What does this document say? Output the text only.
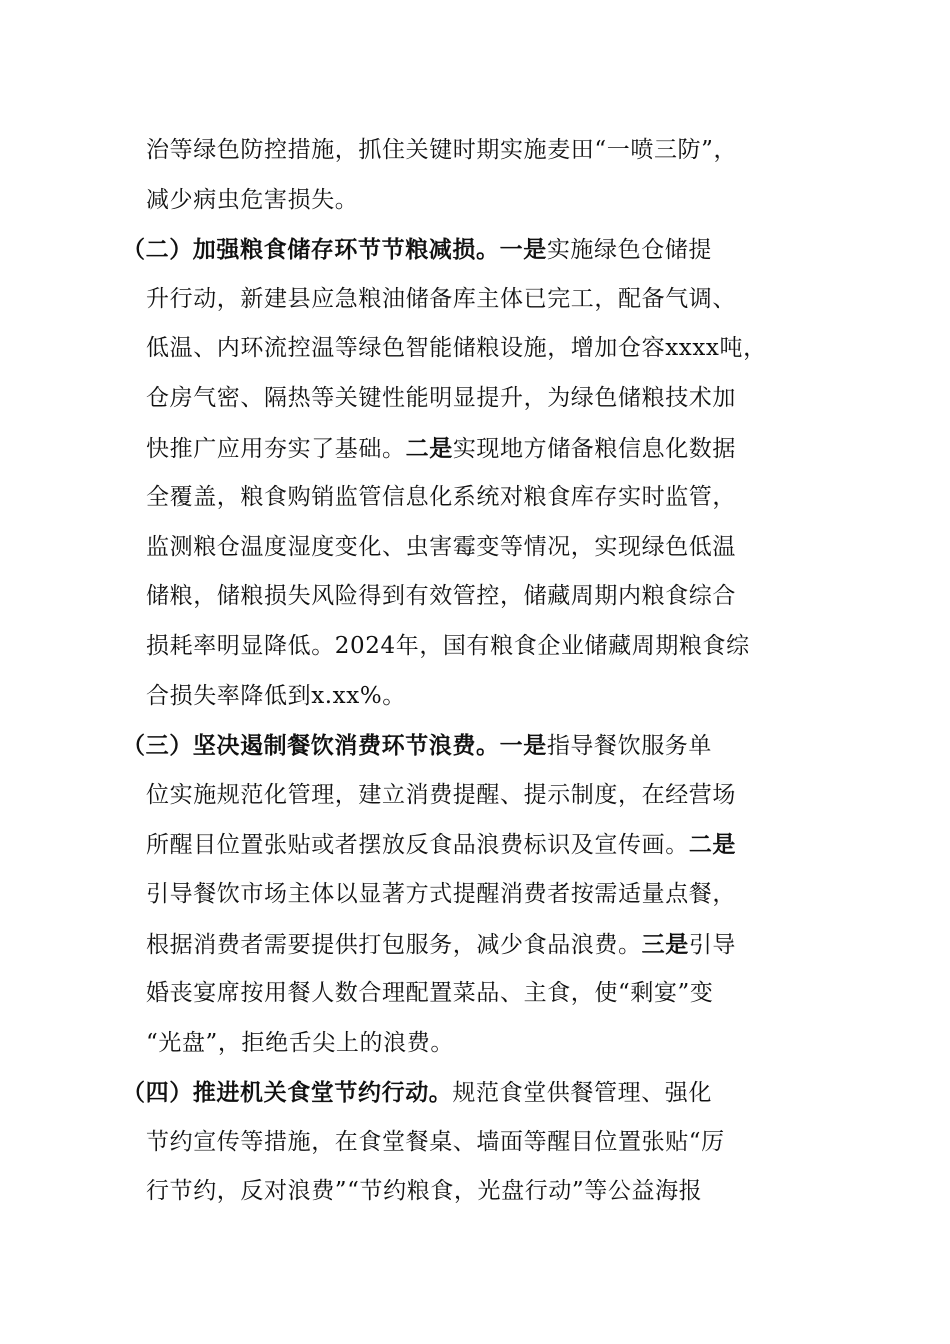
治等绿色防控措施，抓住关键时期实施麦田“一喷三防”，
减少病虫危害损失。
（二）加强粮食储存环节节粮减损。一是实施绿色仓储提
升行动，新建县应急粮油储备库主体已完工，配备气调、
低温、内环流控温等绿色智能储粮设施，增加仓容xxxx吨，
仓房气密、隔热等关键性能明显提升，为绿色储粮技术加
快推广应用夯实了基础。二是实现地方储备粮信息化数据
全覆盖，粮食购销监管信息化系统对粮食库存实时监管，
监测粮仓温度湿度变化、虫害霉变等情况，实现绿色低温
储粮，储粮损失风险得到有效管控，储藏周期内粮食综合
损耗率明显降低。2024年，国有粮食企业储藏周期粮食综
合损失率降低到x.xx%。
（三）坚决遏制餐饮消费环节浪费。一是指导餐饮服务单
位实施规范化管理，建立消费提醒、提示制度，在经营场
所醒目位置张贴或者摆放反食品浪费标识及宣传画。二是
引导餐饮市场主体以显著方式提醒消费者按需适量点餐，
根据消费者需要提供打包服务，减少食品浪费。三是引导
婚丧宴席按用餐人数合理配置菜品、主食，使“剩宴”变
“光盘”，拒绝舌尖上的浪费。
（四）推进机关食堂节约行动。规范食堂供餐管理、强化
节约宣传等措施，在食堂餐桌、墙面等醒目位置张贴“厉
行节约，反对浪费”“节约粮食，光盘行动”等公益海报
